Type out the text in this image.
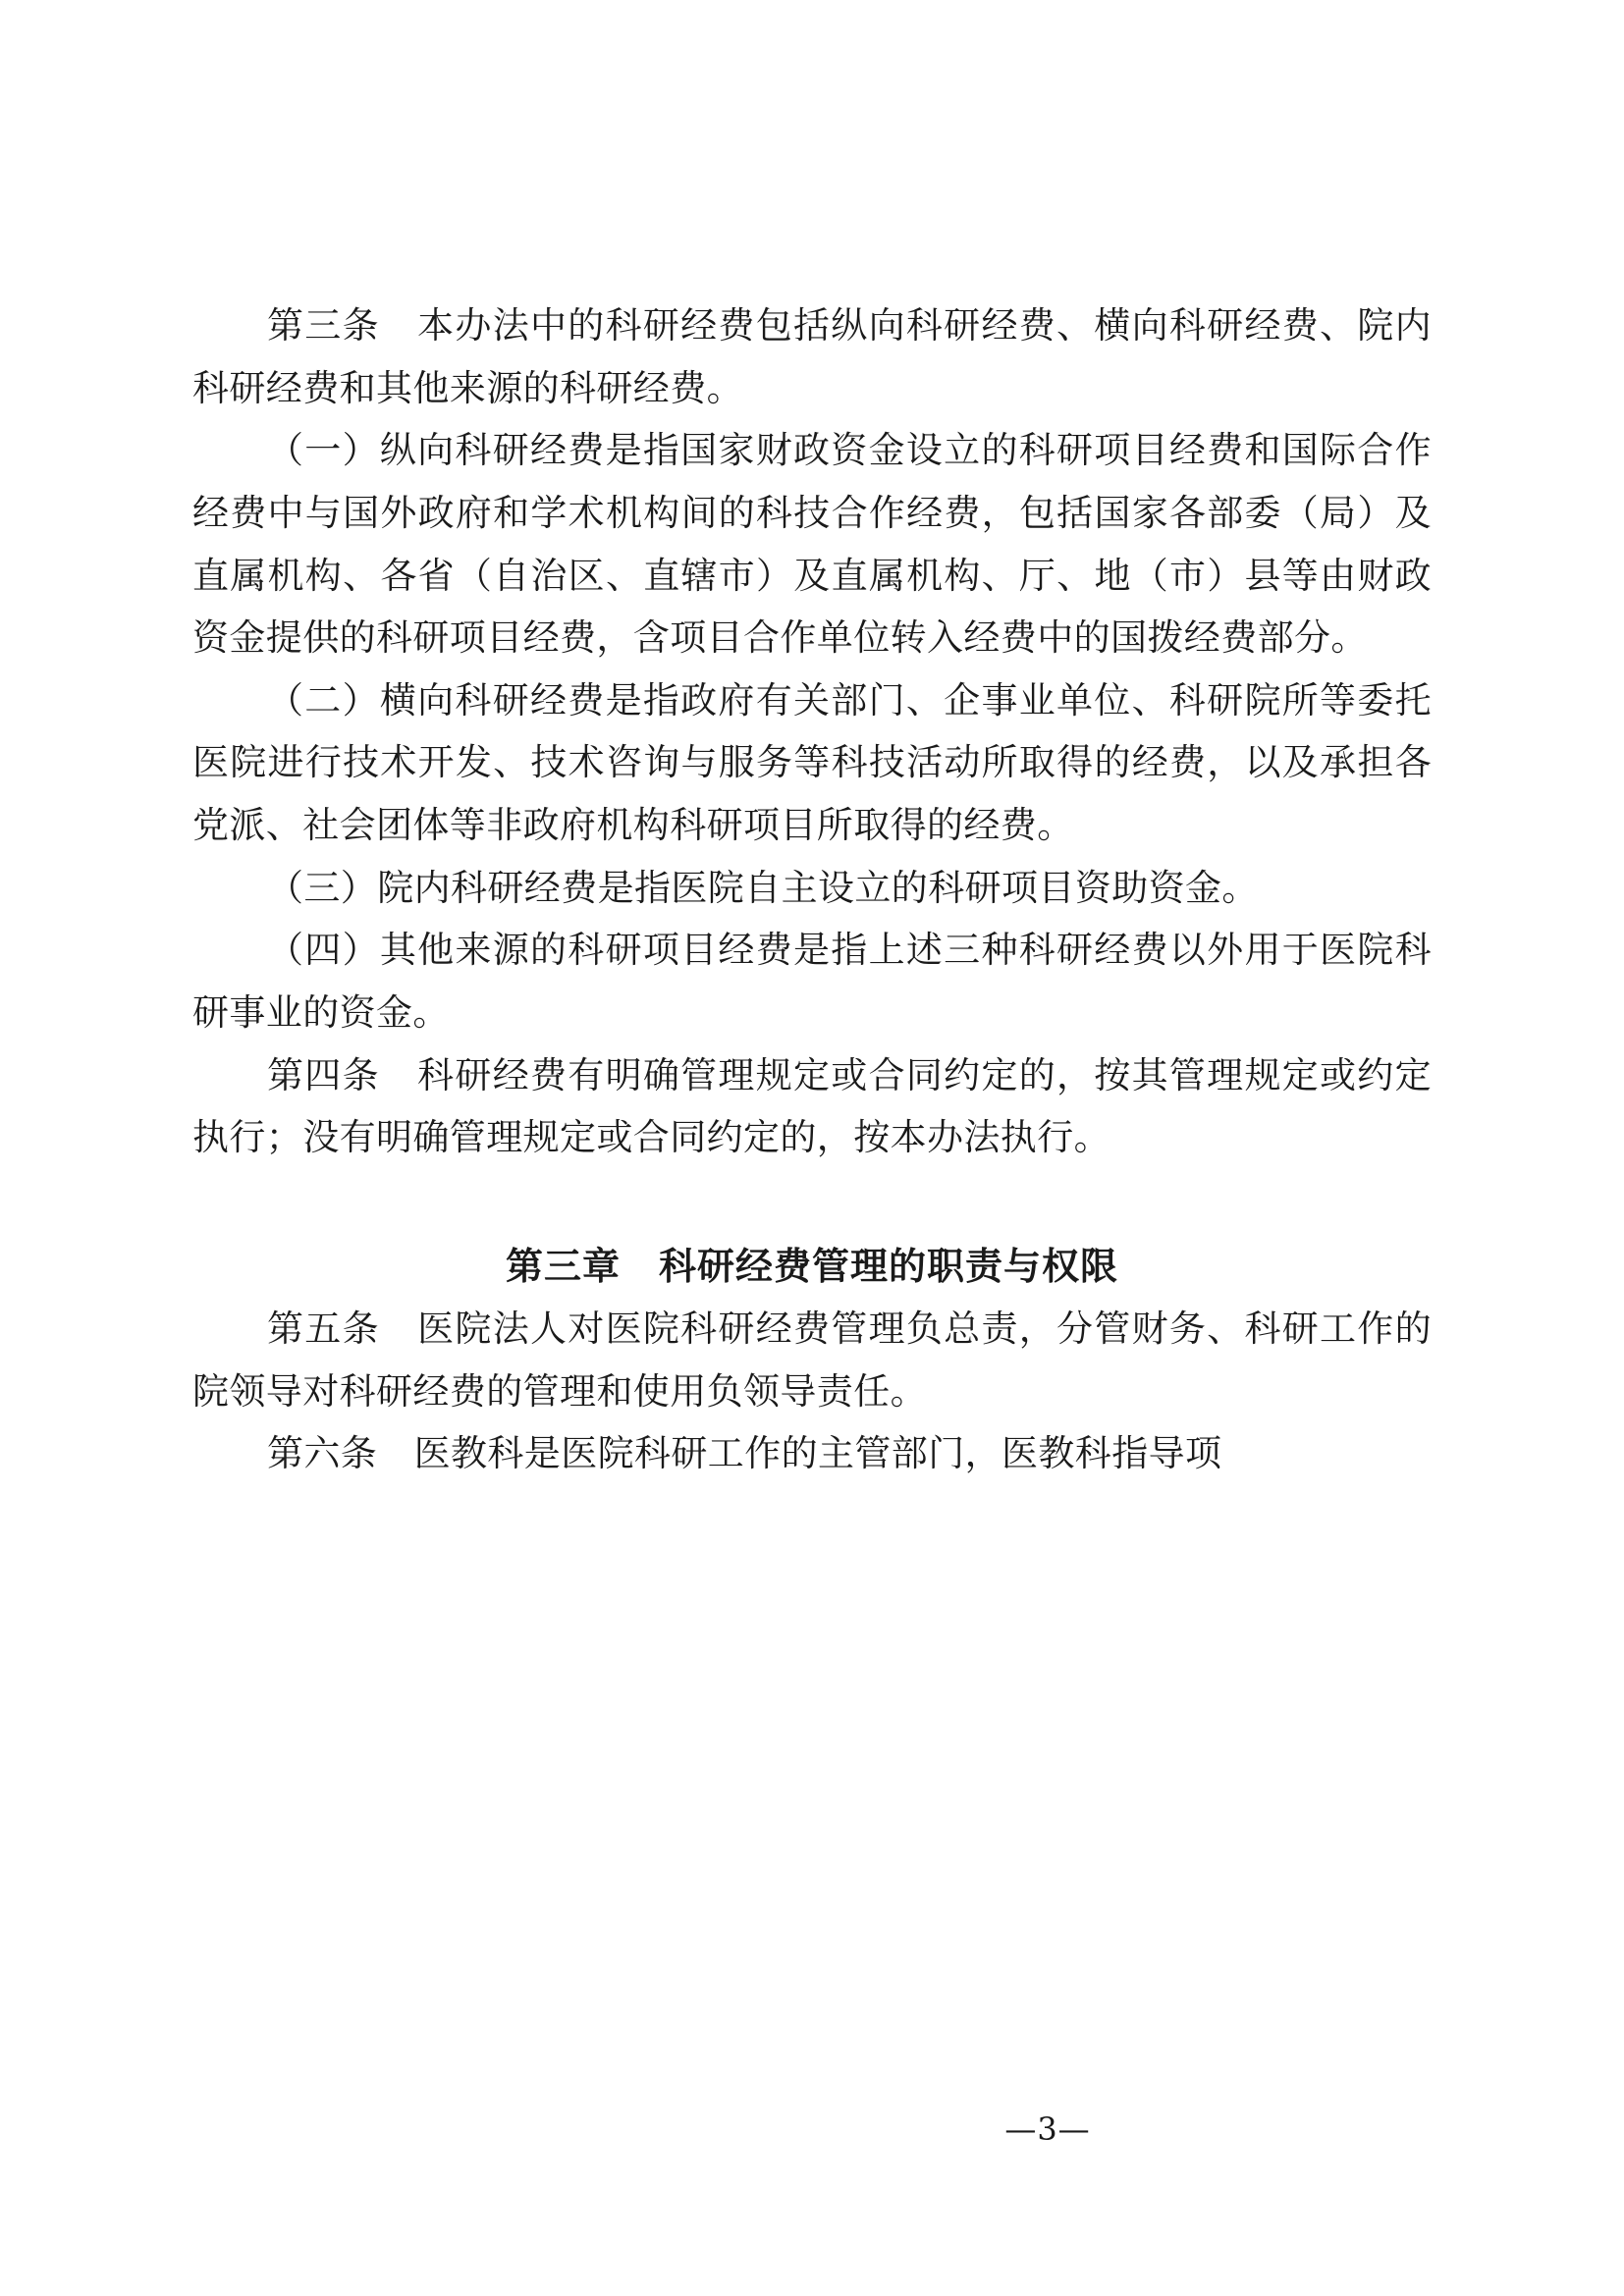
第三条　本办法中的科研经费包括纵向科研经费、横向科研经费、院内科研经费和其他来源的科研经费。

（一）纵向科研经费是指国家财政资金设立的科研项目经费和国际合作经费中与国外政府和学术机构间的科技合作经费，包括国家各部委（局）及直属机构、各省（自治区、直辖市）及直属机构、厅、地（市）县等由财政资金提供的科研项目经费，含项目合作单位转入经费中的国拨经费部分。

（二）横向科研经费是指政府有关部门、企事业单位、科研院所等委托医院进行技术开发、技术咨询与服务等科技活动所取得的经费，以及承担各党派、社会团体等非政府机构科研项目所取得的经费。

（三）院内科研经费是指医院自主设立的科研项目资助资金。

（四）其他来源的科研项目经费是指上述三种科研经费以外用于医院科研事业的资金。

第四条　科研经费有明确管理规定或合同约定的，按其管理规定或约定执行；没有明确管理规定或合同约定的，按本办法执行。

第三章　科研经费管理的职责与权限

第五条　医院法人对医院科研经费管理负总责，分管财务、科研工作的院领导对科研经费的管理和使用负领导责任。

第六条　医教科是医院科研工作的主管部门，医教科指导项

—3—
